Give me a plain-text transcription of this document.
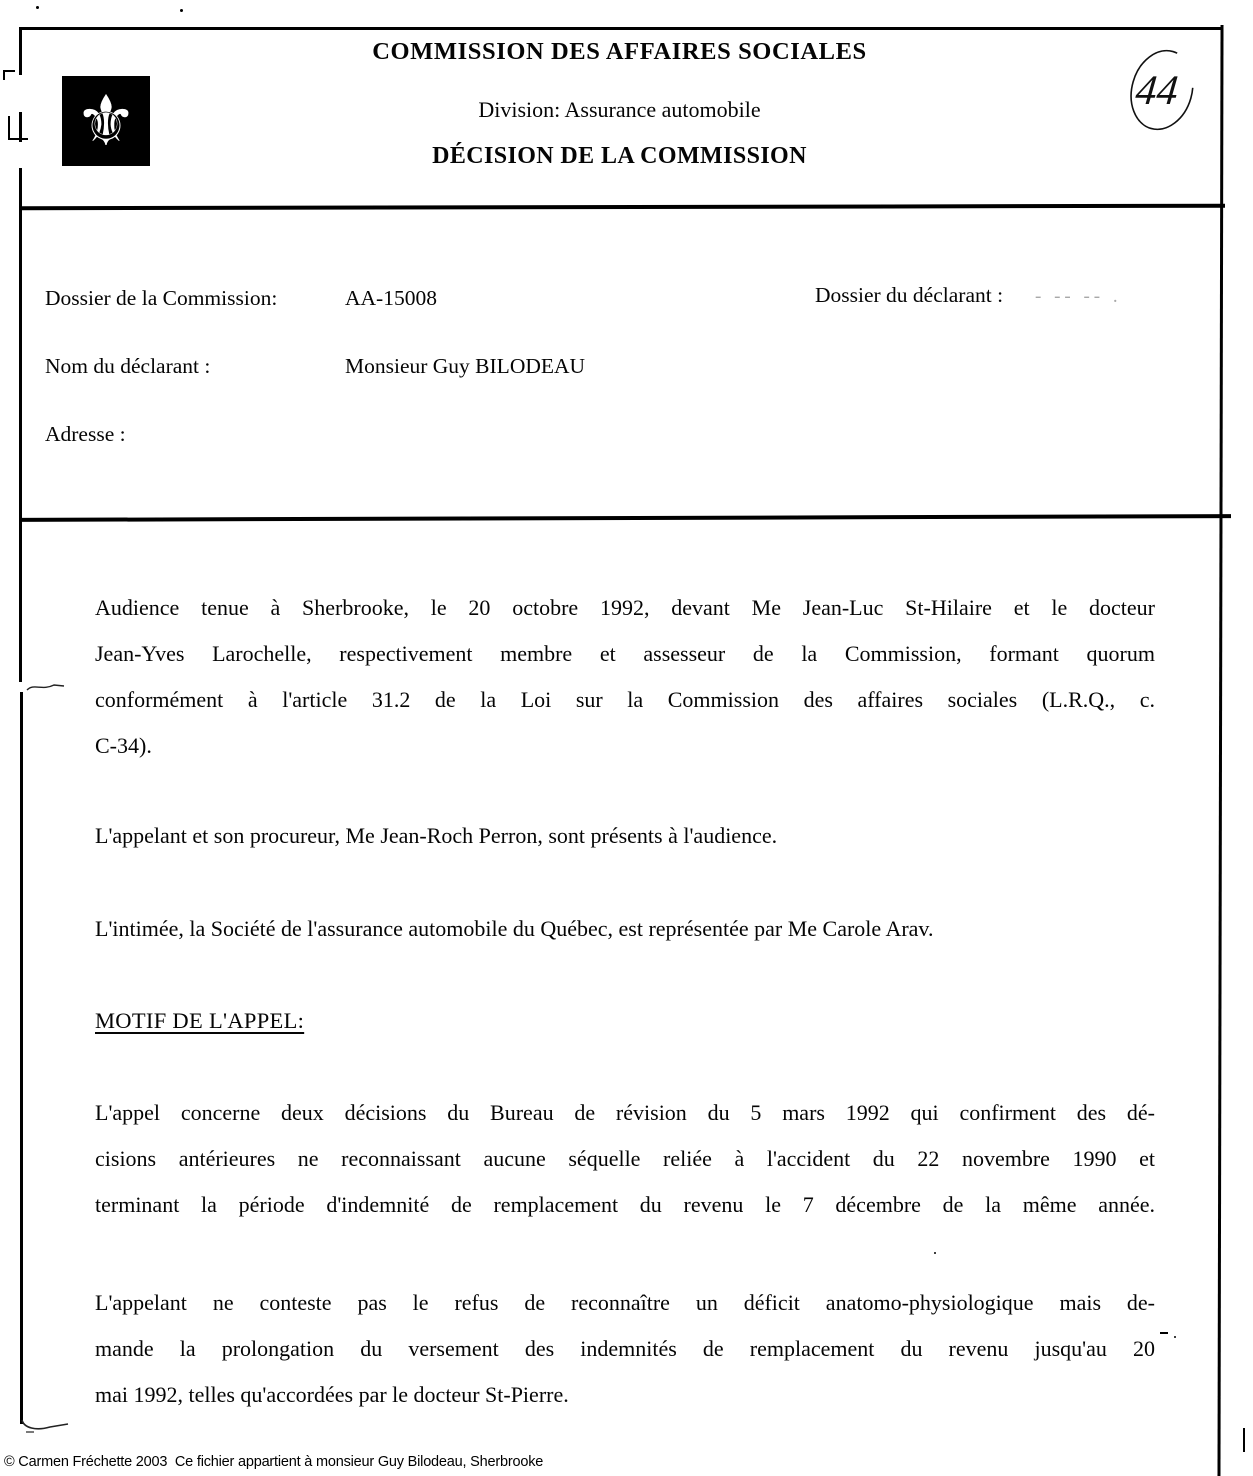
⚜
COMMISSION DES AFFAIRES SOCIALES
Division: Assurance automobile
DÉCISION DE LA COMMISSION
44
Dossier de la Commission:	AA-15008	Dossier du déclarant : - -- -- .
Nom du déclarant :	Monsieur Guy BILODEAU
Adresse :
Audience tenue à Sherbrooke, le 20 octobre 1992, devant Me Jean-Luc St-Hilaire et le docteur
Jean-Yves Larochelle, respectivement membre et assesseur de la Commission, formant quorum
conformément à l'article 31.2 de la Loi sur la Commission des affaires sociales (L.R.Q., c.
C-34).
L'appelant et son procureur, Me Jean-Roch Perron, sont présents à l'audience.
L'intimée, la Société de l'assurance automobile du Québec, est représentée par Me Carole Arav.
MOTIF DE L'APPEL:
L'appel concerne deux décisions du Bureau de révision du 5 mars 1992 qui confirment des dé-
cisions antérieures ne reconnaissant aucune séquelle reliée à l'accident du 22 novembre 1990 et
terminant la période d'indemnité de remplacement du revenu le 7 décembre de la même année.
L'appelant ne conteste pas le refus de reconnaître un déficit anatomo-physiologique mais de-
mande la prolongation du versement des indemnités de remplacement du revenu jusqu'au 20
mai 1992, telles qu'accordées par le docteur St-Pierre.
© Carmen Fréchette 2003  Ce fichier appartient à monsieur Guy Bilodeau, Sherbrooke
